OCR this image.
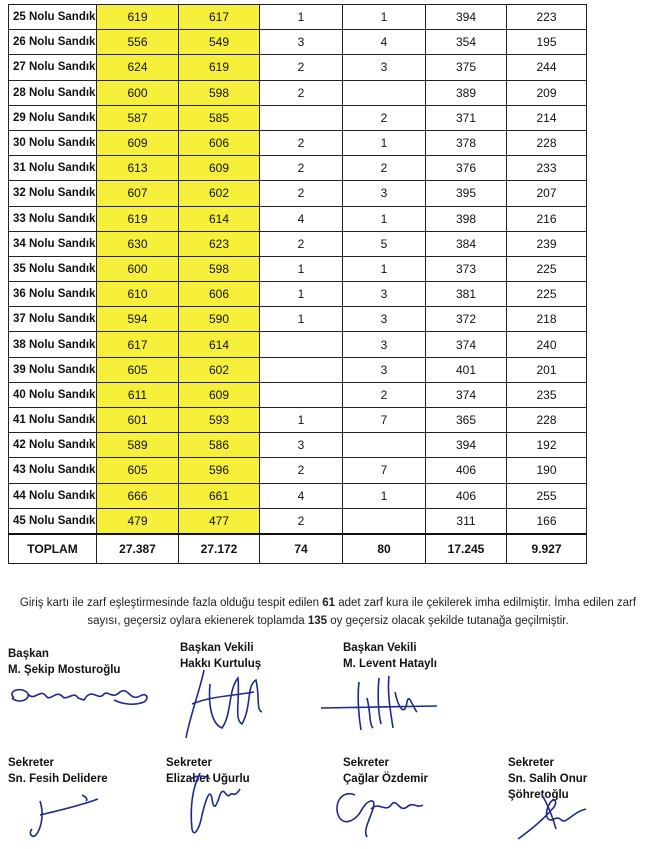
25 Nolu Sandık	619	617	1	1	394	223
26 Nolu Sandık	556	549	3	4	354	195
27 Nolu Sandık	624	619	2	3	375	244
28 Nolu Sandık	600	598	2		389	209
29 Nolu Sandık	587	585		2	371	214
30 Nolu Sandık	609	606	2	1	378	228
31 Nolu Sandık	613	609	2	2	376	233
32 Nolu Sandık	607	602	2	3	395	207
33 Nolu Sandık	619	614	4	1	398	216
34 Nolu Sandık	630	623	2	5	384	239
35 Nolu Sandık	600	598	1	1	373	225
36 Nolu Sandık	610	606	1	3	381	225
37 Nolu Sandık	594	590	1	3	372	218
38 Nolu Sandık	617	614		3	374	240
39 Nolu Sandık	605	602		3	401	201
40 Nolu Sandık	611	609		2	374	235
41 Nolu Sandık	601	593	1	7	365	228
42 Nolu Sandık	589	586	3		394	192
43 Nolu Sandık	605	596	2	7	406	190
44 Nolu Sandık	666	661	4	1	406	255
45 Nolu Sandık	479	477	2		311	166
TOPLAM	27.387	27.172	74	80	17.245	9.927
Giriş kartı ile zarf eşleştirmesinde fazla olduğu tespit edilen 61 adet zarf kura ile çekilerek imha edilmiştir. İmha edilen zarf sayısı, geçersiz oylara ekienerek toplamda 135 oy geçersiz olacak şekilde tutanağa geçilmiştir.
Başkan
M. Şekip Mosturoğlu
Başkan Vekili
Hakkı Kurtuluş
Başkan Vekili
M. Levent Hataylı
Sekreter
Sn. Fesih Delidere
Sekreter
Elizabet Uğurlu
Sekreter
Çağlar Özdemir
Sekreter
Sn. Salih Onur Şöhretoğlu
